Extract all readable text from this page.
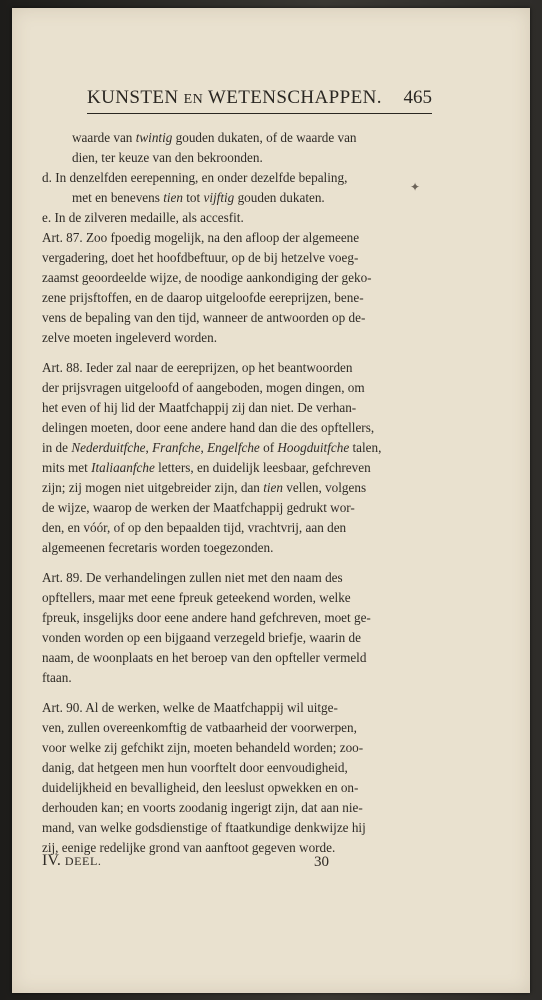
KUNSTEN EN WETENSCHAPPEN. 465
waarde van twintig gouden dukaten, of de waarde van
dien, ter keuze van den bekroonden.
d. In denzelfden eerepenning, en onder dezelfde bepaling,
met en benevens tien tot vijftig gouden dukaten.
e. In de zilveren medaille, als accesfit.
Art. 87. Zoo fpoedig mogelijk, na den afloop der algemeene
vergadering, doet het hoofdbeftuur, op de bij hetzelve voeg-
zaamst geoordeelde wijze, de noodige aankondiging der geko-
zene prijsftoffen, en de daarop uitgeloofde eereprijzen, bene-
vens de bepaling van den tijd, wanneer de antwoorden op de-
zelve moeten ingeleverd worden.
Art. 88. Ieder zal naar de eereprijzen, op het beantwoorden
der prijsvragen uitgeloofd of aangeboden, mogen dingen, om
het even of hij lid der Maatfchappij zij dan niet. De verhan-
delingen moeten, door eene andere hand dan die des opftellers,
in de Nederduitfche, Franfche, Engelfche of Hoogduitfche talen,
mits met Italiaanfche letters, en duidelijk leesbaar, gefchreven
zijn; zij mogen niet uitgebreider zijn, dan tien vellen, volgens
de wijze, waarop de werken der Maatfchappij gedrukt wor-
den, en vóór, of op den bepaalden tijd, vrachtvrij, aan den
algemeenen fecretaris worden toegezonden.
Art. 89. De verhandelingen zullen niet met den naam des
opftellers, maar met eene fpreuk geteekend worden, welke
fpreuk, insgelijks door eene andere hand gefchreven, moet ge-
vonden worden op een bijgaand verzegeld briefje, waarin de
naam, de woonplaats en het beroep van den opfteller vermeld
ftaan.
Art. 90. Al de werken, welke de Maatfchappij wil uitge-
ven, zullen overeenkomftig de vatbaarheid der voorwerpen,
voor welke zij gefchikt zijn, moeten behandeld worden; zoo-
danig, dat hetgeen men hun voorftelt door eenvoudigheid,
duidelijkheid en bevalligheid, den leeslust opwekken en on-
derhouden kan; en voorts zoodanig ingerigt zijn, dat aan nie-
mand, van welke godsdienstige of ftaatkundige denkwijze hij
zij, eenige redelijke grond van aanftoot gegeven worde.
IV. DEEL.	30
✦
